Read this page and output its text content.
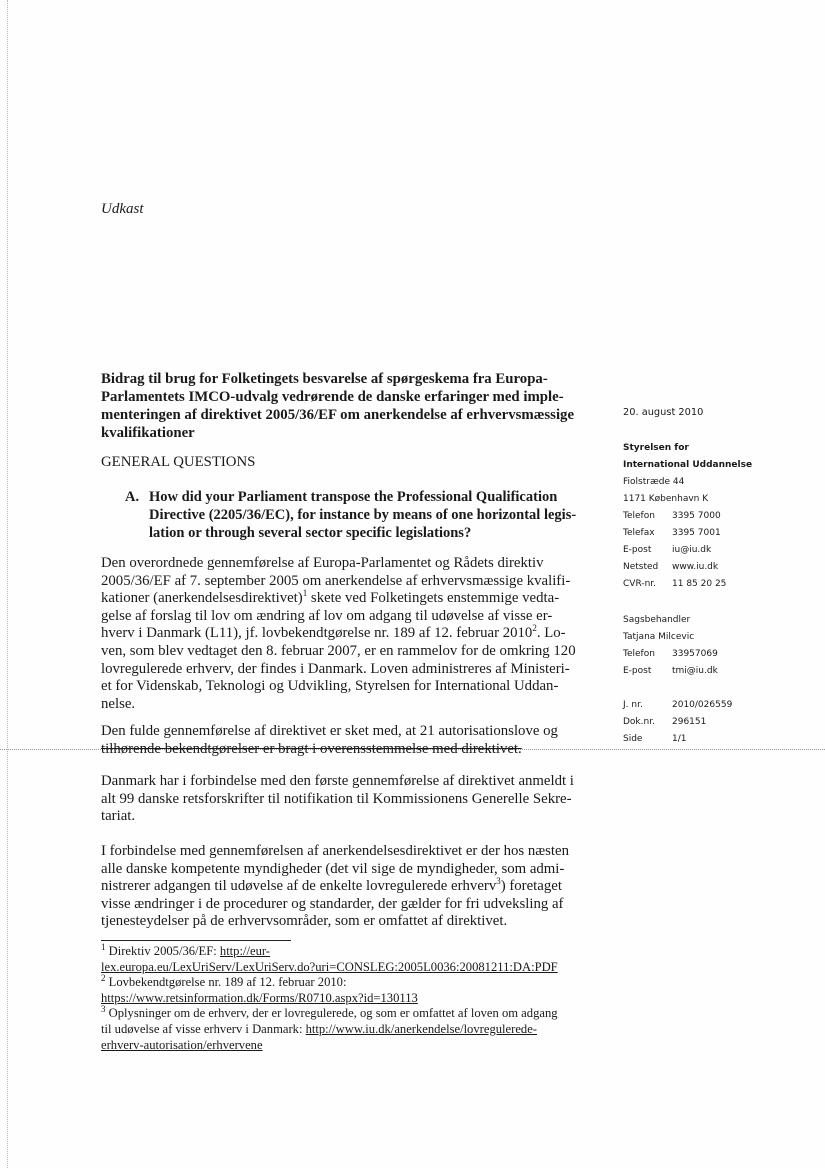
Udkast
Bidrag til brug for Folketingets besvarelse af spørgeskema fra Europa-
Parlamentets IMCO-udvalg vedrørende de danske erfaringer med imple-
menteringen af direktivet 2005/36/EF om anerkendelse af erhvervsmæssige
kvalifikationer
GENERAL QUESTIONS
A. How did your Parliament transpose the Professional Qualification
Directive (2205/36/EC), for instance by means of one horizontal legis-
lation or through several sector specific legislations?

Den overordnede gennemførelse af Europa-Parlamentet og Rådets direktiv
2005/36/EF af 7. september 2005 om anerkendelse af erhvervsmæssige kvalifi-
kationer (anerkendelsesdirektivet)$^1$ skete ved Folketingets enstemmige vedta-
gelse af forslag til lov om ændring af lov om adgang til udøvelse af visse er-
hverv i Danmark (L11), jf. lovbekendtgørelse nr. 189 af 12. februar 2010$^2$. Lo-
ven, som blev vedtaget den 8. februar 2007, er en rammelov for de omkring 120
lovregulerede erhverv, der findes i Danmark. Loven administreres af Ministeri-
et for Videnskab, Teknologi og Udvikling, Styrelsen for International Uddan-
nelse.

Den fulde gennemførelse af direktivet er sket med, at 21 autorisationslove og
tilhørende bekendtgørelser er bragt i overensstemmelse med direktivet.

Danmark har i forbindelse med den første gennemførelse af direktivet anmeldt i
alt 99 danske retsforskrifter til notifikation til Kommissionens Generelle Sekre-
tariat.

I forbindelse med gennemførelsen af anerkendelsesdirektivet er der hos næsten
alle danske kompetente myndigheder (det vil sige de myndigheder, som admi-
nistrerer adgangen til udøvelse af de enkelte lovregulerede erhverv$^3$) foretaget
visse ændringer i de procedurer og standarder, der gælder for fri udveksling af
tjenesteydelser på de erhvervsområder, som er omfattet af direktivet.

$^1$ Direktiv 2005/36/EF: http://eur-
lex.europa.eu/LexUriServ/LexUriServ.do?uri=CONSLEG:2005L0036:20081211:DA:PDF

$^2$ Lovbekendtgørelse nr. 189 af 12. februar 2010:
https://www.retsinformation.dk/Forms/R0710.aspx?id=130113

$^3$ Oplysninger om de erhverv, der er lovregulerede, og som er omfattet af loven om adgang
til udøvelse af visse erhverv i Danmark: http://www.iu.dk/anerkendelse/lovregulerede-
erhverv-autorisation/erhvervene

20. august 2010
Styrelsen for
International Uddannelse
Fiolstræde 44
1171 København K
Telefon	3395 7000
Telefax	3395 7001
E-post	iu@iu.dk
Netsted	www.iu.dk
CVR-nr.	11 85 20 25
Sagsbehandler
Tatjana Milcevic
Telefon	33957069
E-post	tmi@iu.dk
J. nr.	2010/026559
Dok.nr.	296151
Side	1/1
